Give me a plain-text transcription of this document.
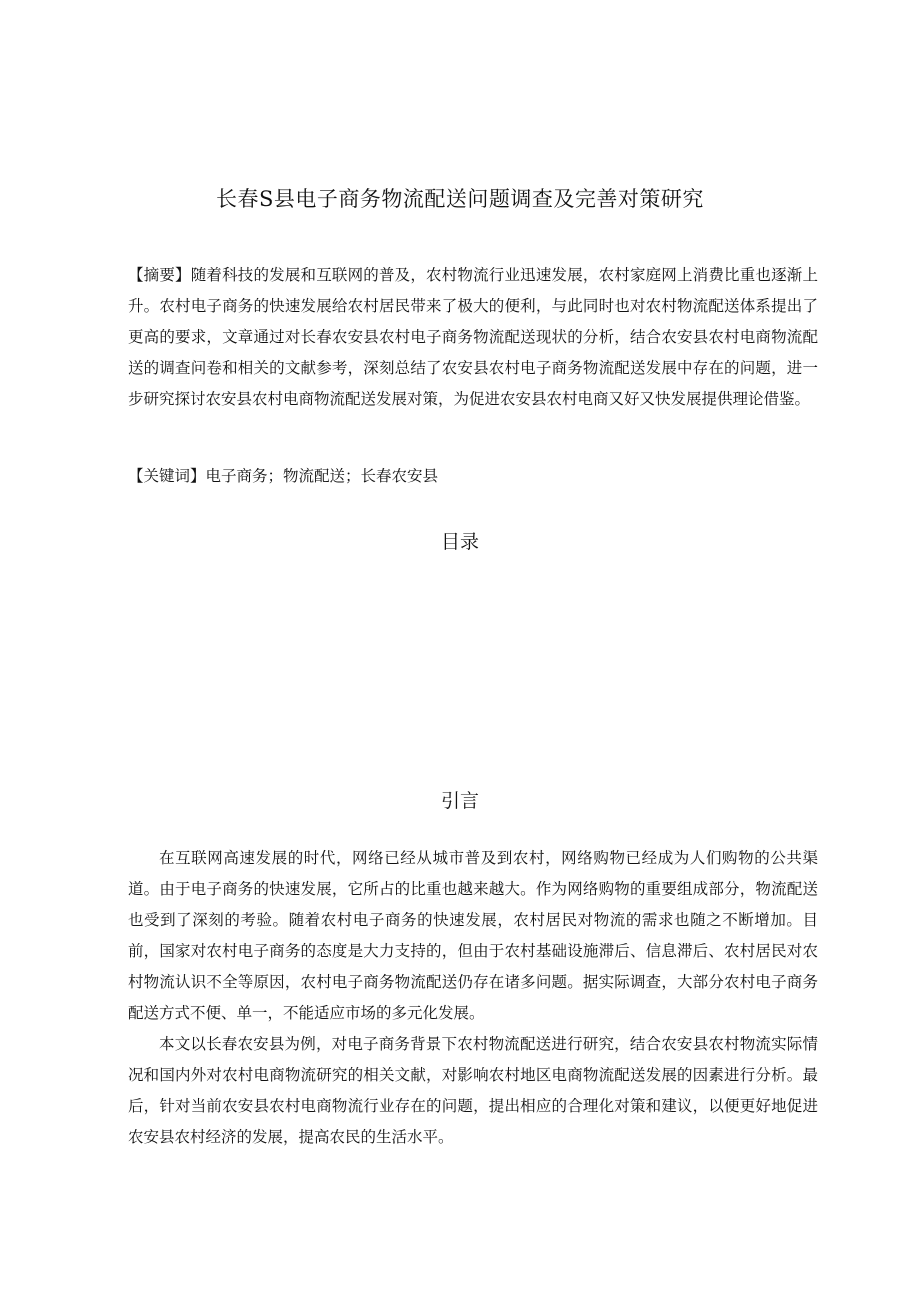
长春S县电子商务物流配送问题调查及完善对策研究
【摘要】随着科技的发展和互联网的普及，农村物流行业迅速发展，农村家庭网上消费比重也逐渐上升。农村电子商务的快速发展给农村居民带来了极大的便利，与此同时也对农村物流配送体系提出了更高的要求，文章通过对长春农安县农村电子商务物流配送现状的分析，结合农安县农村电商物流配送的调查问卷和相关的文献参考，深刻总结了农安县农村电子商务物流配送发展中存在的问题，进一步研究探讨农安县农村电商物流配送发展对策，为促进农安县农村电商又好又快发展提供理论借鉴。
【关键词】电子商务；物流配送；长春农安县
目录
引言

在互联网高速发展的时代，网络已经从城市普及到农村，网络购物已经成为人们购物的公共渠道。由于电子商务的快速发展，它所占的比重也越来越大。作为网络购物的重要组成部分，物流配送也受到了深刻的考验。随着农村电子商务的快速发展，农村居民对物流的需求也随之不断增加。目前，国家对农村电子商务的态度是大力支持的，但由于农村基础设施滞后、信息滞后、农村居民对农村物流认识不全等原因，农村电子商务物流配送仍存在诸多问题。据实际调查，大部分农村电子商务配送方式不便、单一，不能适应市场的多元化发展。

本文以长春农安县为例，对电子商务背景下农村物流配送进行研究，结合农安县农村物流实际情况和国内外对农村电商物流研究的相关文献，对影响农村地区电商物流配送发展的因素进行分析。最后，针对当前农安县农村电商物流行业存在的问题，提出相应的合理化对策和建议，以便更好地促进农安县农村经济的发展，提高农民的生活水平。
